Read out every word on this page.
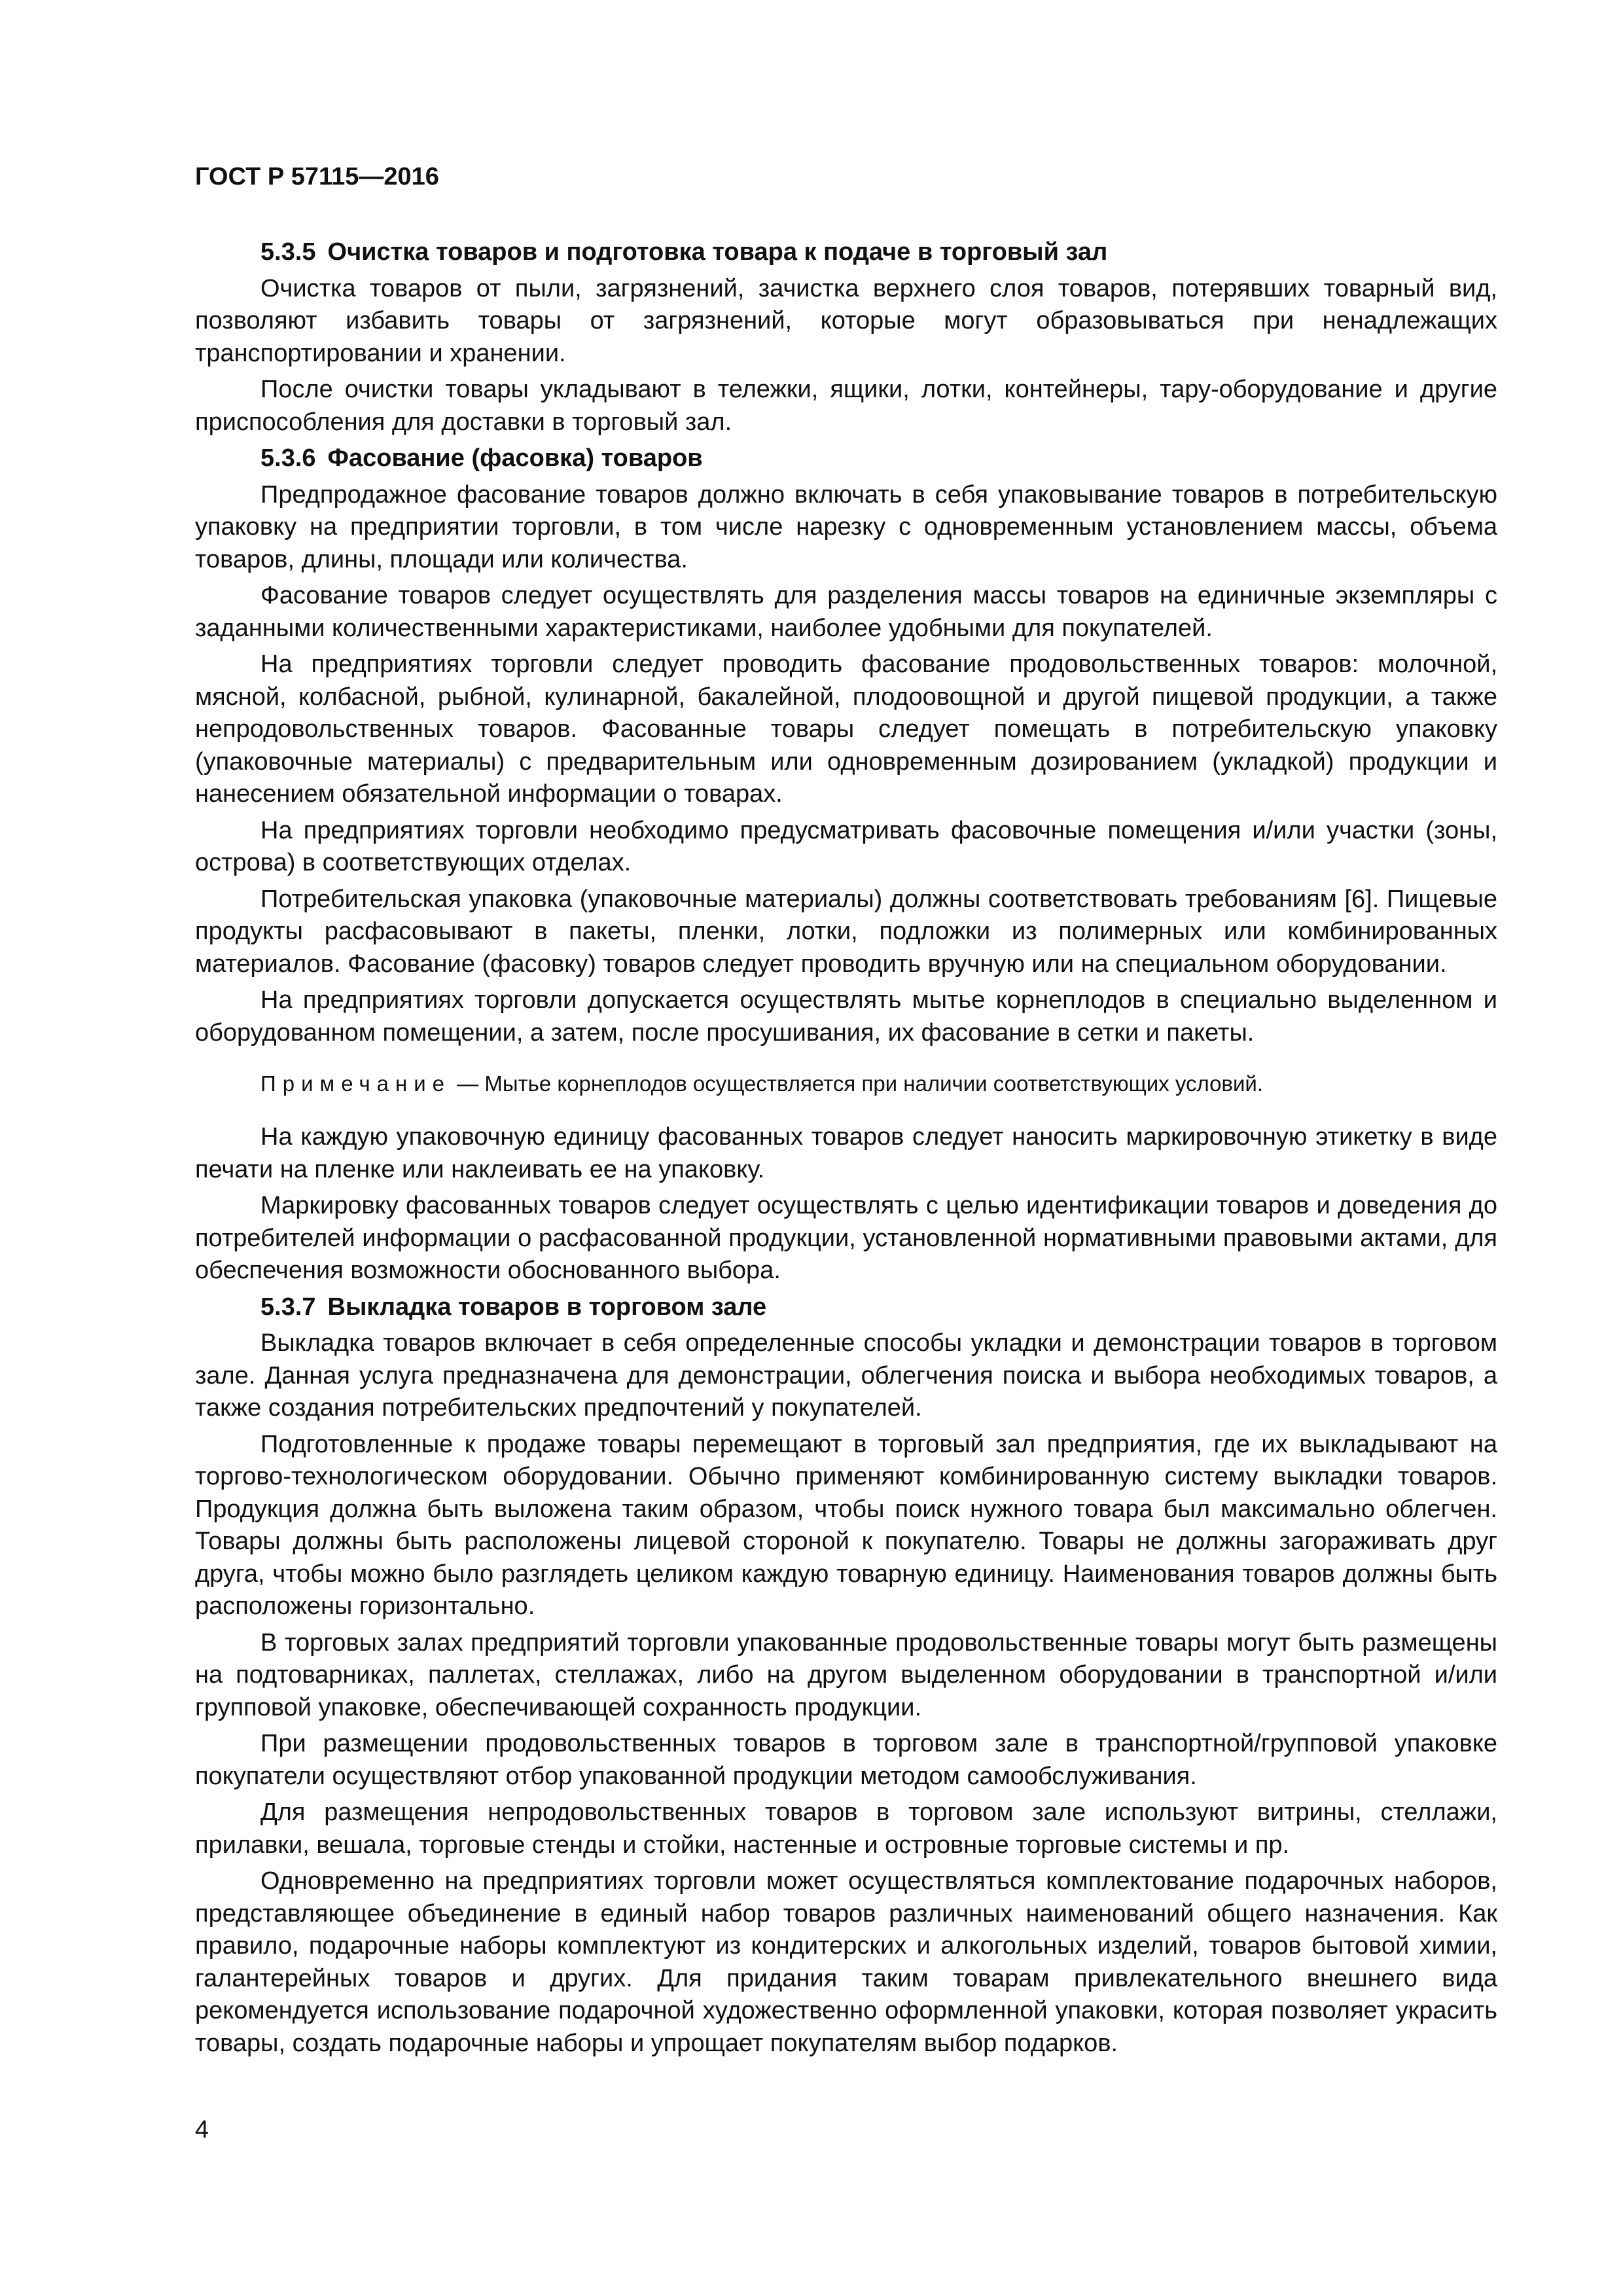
ГОСТ Р 57115—2016
5.3.5 Очистка товаров и подготовка товара к подаче в торговый зал

Очистка товаров от пыли, загрязнений, зачистка верхнего слоя товаров, потерявших товарный вид, позволяют избавить товары от загрязнений, которые могут образовываться при ненадлежащих транспортировании и хранении.

После очистки товары укладывают в тележки, ящики, лотки, контейнеры, тару-оборудование и другие приспособления для доставки в торговый зал.

5.3.6 Фасование (фасовка) товаров

Предпродажное фасование товаров должно включать в себя упаковывание товаров в потребительскую упаковку на предприятии торговли, в том числе нарезку с одновременным установлением массы, объема товаров, длины, площади или количества.

Фасование товаров следует осуществлять для разделения массы товаров на единичные экземпляры с заданными количественными характеристиками, наиболее удобными для покупателей.

На предприятиях торговли следует проводить фасование продовольственных товаров: молочной, мясной, колбасной, рыбной, кулинарной, бакалейной, плодоовощной и другой пищевой продукции, а также непродовольственных товаров. Фасованные товары следует помещать в потребительскую упаковку (упаковочные материалы) с предварительным или одновременным дозированием (укладкой) продукции и нанесением обязательной информации о товарах.

На предприятиях торговли необходимо предусматривать фасовочные помещения и/или участки (зоны, острова) в соответствующих отделах.

Потребительская упаковка (упаковочные материалы) должны соответствовать требованиям [6]. Пищевые продукты расфасовывают в пакеты, пленки, лотки, подложки из полимерных или комбинированных материалов. Фасование (фасовку) товаров следует проводить вручную или на специальном оборудовании.

На предприятиях торговли допускается осуществлять мытье корнеплодов в специально выделенном и оборудованном помещении, а затем, после просушивания, их фасование в сетки и пакеты.

Примечание — Мытье корнеплодов осуществляется при наличии соответствующих условий.

На каждую упаковочную единицу фасованных товаров следует наносить маркировочную этикетку в виде печати на пленке или наклеивать ее на упаковку.

Маркировку фасованных товаров следует осуществлять с целью идентификации товаров и доведения до потребителей информации о расфасованной продукции, установленной нормативными правовыми актами, для обеспечения возможности обоснованного выбора.

5.3.7 Выкладка товаров в торговом зале

Выкладка товаров включает в себя определенные способы укладки и демонстрации товаров в торговом зале. Данная услуга предназначена для демонстрации, облегчения поиска и выбора необходимых товаров, а также создания потребительских предпочтений у покупателей.

Подготовленные к продаже товары перемещают в торговый зал предприятия, где их выкладывают на торгово-технологическом оборудовании. Обычно применяют комбинированную систему выкладки товаров. Продукция должна быть выложена таким образом, чтобы поиск нужного товара был максимально облегчен. Товары должны быть расположены лицевой стороной к покупателю. Товары не должны загораживать друг друга, чтобы можно было разглядеть целиком каждую товарную единицу. Наименования товаров должны быть расположены горизонтально.

В торговых залах предприятий торговли упакованные продовольственные товары могут быть размещены на подтоварниках, паллетах, стеллажах, либо на другом выделенном оборудовании в транспортной и/или групповой упаковке, обеспечивающей сохранность продукции.

При размещении продовольственных товаров в торговом зале в транспортной/групповой упаковке покупатели осуществляют отбор упакованной продукции методом самообслуживания.

Для размещения непродовольственных товаров в торговом зале используют витрины, стеллажи, прилавки, вешала, торговые стенды и стойки, настенные и островные торговые системы и пр.

Одновременно на предприятиях торговли может осуществляться комплектование подарочных наборов, представляющее объединение в единый набор товаров различных наименований общего назначения. Как правило, подарочные наборы комплектуют из кондитерских и алкогольных изделий, товаров бытовой химии, галантерейных товаров и других. Для придания таким товарам привлекательного внешнего вида рекомендуется использование подарочной художественно оформленной упаковки, которая позволяет украсить товары, создать подарочные наборы и упрощает покупателям выбор подарков.

4
